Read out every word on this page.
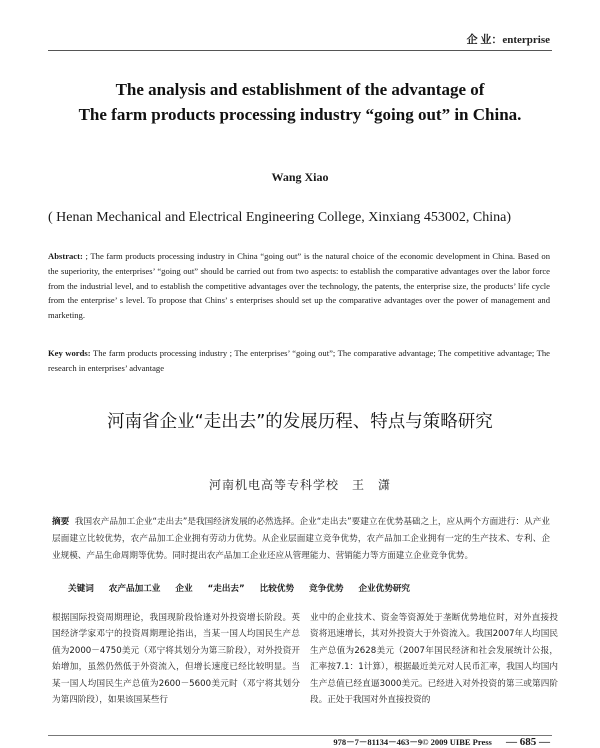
企 业：enterprise
The analysis and establishment of the advantage of
The farm products processing industry “going out” in China.
Wang Xiao
( Henan Mechanical and Electrical Engineering College, Xinxiang 453002, China)
Abstract: ; The farm products processing industry in China “going out” is the natural choice of the economic development in China. Based on the superiority, the enterprises’ “going out” should be carried out from two aspects: to establish the comparative advantages over the labor force from the industrial level, and to establish the competitive advantages over the technology, the patents, the enterprise size, the products’ life cycle from the enterprise’ s level. To propose that Chins’ s enterprises should set up the comparative advantages over the power of management and marketing.
Key words: The farm products processing industry ; The enterprises’ “going out”; The comparative advantage; The competitive advantage; The research in enterprises’ advantage
河南省企业“走出去”的发展历程、特点与策略研究
河南机电高等专科学校　王　潇
摘要 我国农产品加工企业“走出去”是我国经济发展的必然选择。企业“走出去”要建立在优势基础之上，应从两个方面进行：从产业层面建立比较优势，农产品加工企业拥有劳动力优势。从企业层面建立竞争优势，农产品加工企业拥有一定的生产技术、专利、企业规模、产品生命周期等优势。同时提出农产品加工企业还应从管理能力、营销能力等方面建立企业竞争优势。
关键词 农产品加工业 企业 “走出去” 比较优势 竞争优势 企业优势研究
根据国际投资周期理论，我国现阶段恰逢对外投资增长阶段。英国经济学家邓宁的投资周期理论指出，当某一国人均国民生产总值为2000－4750美元（邓宁将其划分为第三阶段），对外投资开始增加，虽然仍然低于外资流入，但增长速度已经比较明显。当某一国人均国民生产总值为2600－5600美元时（邓宁将其划分为第四阶段），如果该国某些行
业中的企业技术、资金等资源处于垄断优势地位时，对外直接投资将迅速增长，其对外投资大于外资流入。我国2007年人均国民生产总值为2628美元（2007年国民经济和社会发展统计公报，汇率按7.1：1计算），根据最近美元对人民币汇率，我国人均国内生产总值已经直逼3000美元。已经进入对外投资的第三或第四阶段。正处于我国对外直接投资的
978－7－81134－463－9© 2009 UIBE Press — 685 —
